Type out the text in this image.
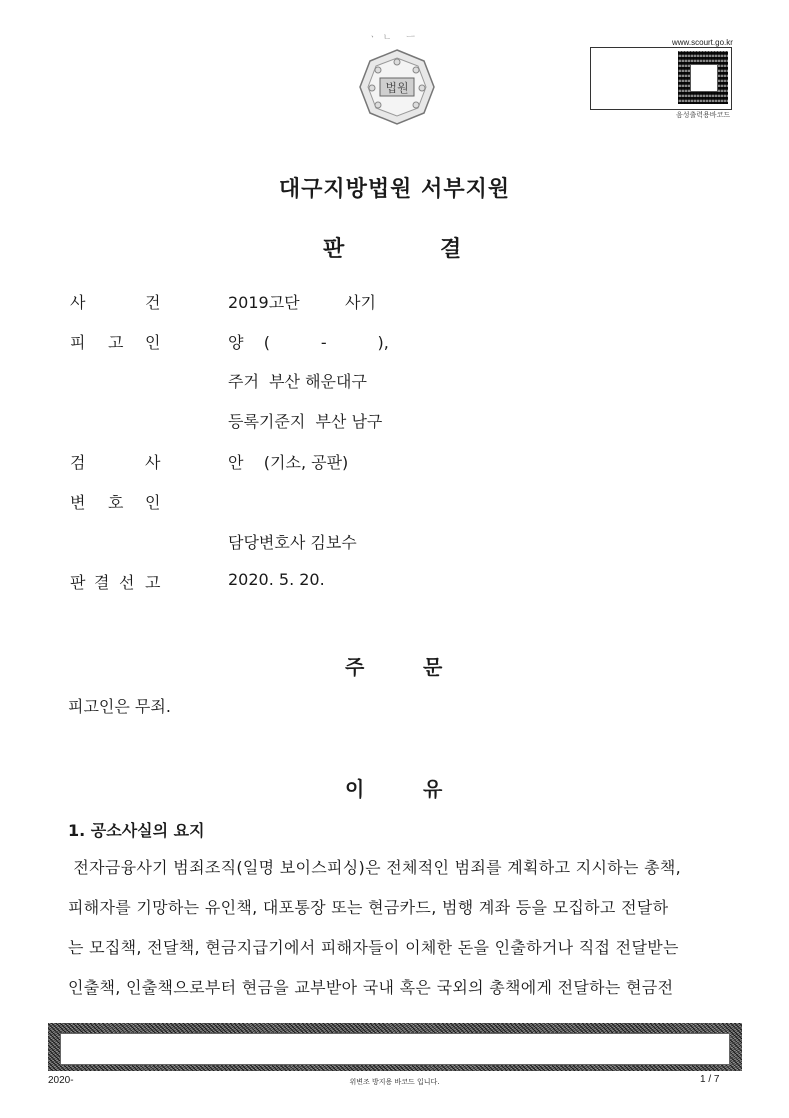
ㆍㄴ ㅡ
법원
www.scourt.go.kr
음성출력용바코드
대구지방법원 서부지원
판	결
사	건	2019고단	사기
피 고 인	양    (          -          ),
주거  부산 해운대구
등록기준지  부산 남구
검	사	안    (기소, 공판)
변 호 인
담당변호사 김보수
판 결 선 고	2020. 5. 20.
주	문
피고인은 무죄.
이	유
1. 공소사실의 요지
전자금융사기 범죄조직(일명 보이스피싱)은 전체적인 범죄를 계획하고 지시하는 총책,
피해자를 기망하는 유인책, 대포통장 또는 현금카드, 범행 계좌 등을 모집하고 전달하
는 모집책, 전달책, 현금지급기에서 피해자들이 이체한 돈을 인출하거나 직접 전달받는
인출책, 인출책으로부터 현금을 교부받아 국내 혹은 국외의 총책에게 전달하는 현금전
2020-	위변조 방지용 바코드 입니다.	1 / 7
